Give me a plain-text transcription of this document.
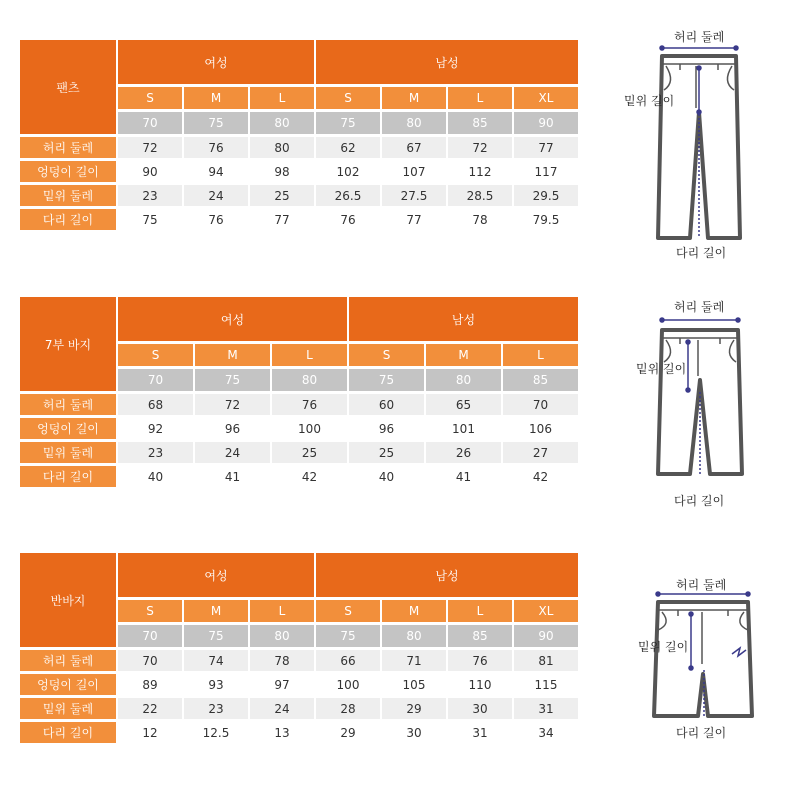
팬츠	여성			남성			
	S	M	L	S	M	L	XL
	70	75	80	75	80	85	90
허리 둘레	72	76	80	62	67	72	77
엉덩이 길이	90	94	98	102	107	112	117
밑위 둘레	23	24	25	26.5	27.5	28.5	29.5
다리 길이	75	76	77	76	77	78	79.5
7부 바지	여성			남성		
	S	M	L	S	M	L
	70	75	80	75	80	85
허리 둘레	68	72	76	60	65	70
엉덩이 길이	92	96	100	96	101	106
밑위 둘레	23	24	25	25	26	27
다리 길이	40	41	42	40	41	42
반바지	여성			남성			
	S	M	L	S	M	L	XL
	70	75	80	75	80	85	90
허리 둘레	70	74	78	66	71	76	81
엉덩이 길이	89	93	97	100	105	110	115
밑위 둘레	22	23	24	28	29	30	31
다리 길이	12	12.5	13	29	30	31	34
허리 둘레
밑위 길이
다리 길이
허리 둘레
밑위 길이
다리 길이
허리 둘레
밑위 길이
다리 길이
